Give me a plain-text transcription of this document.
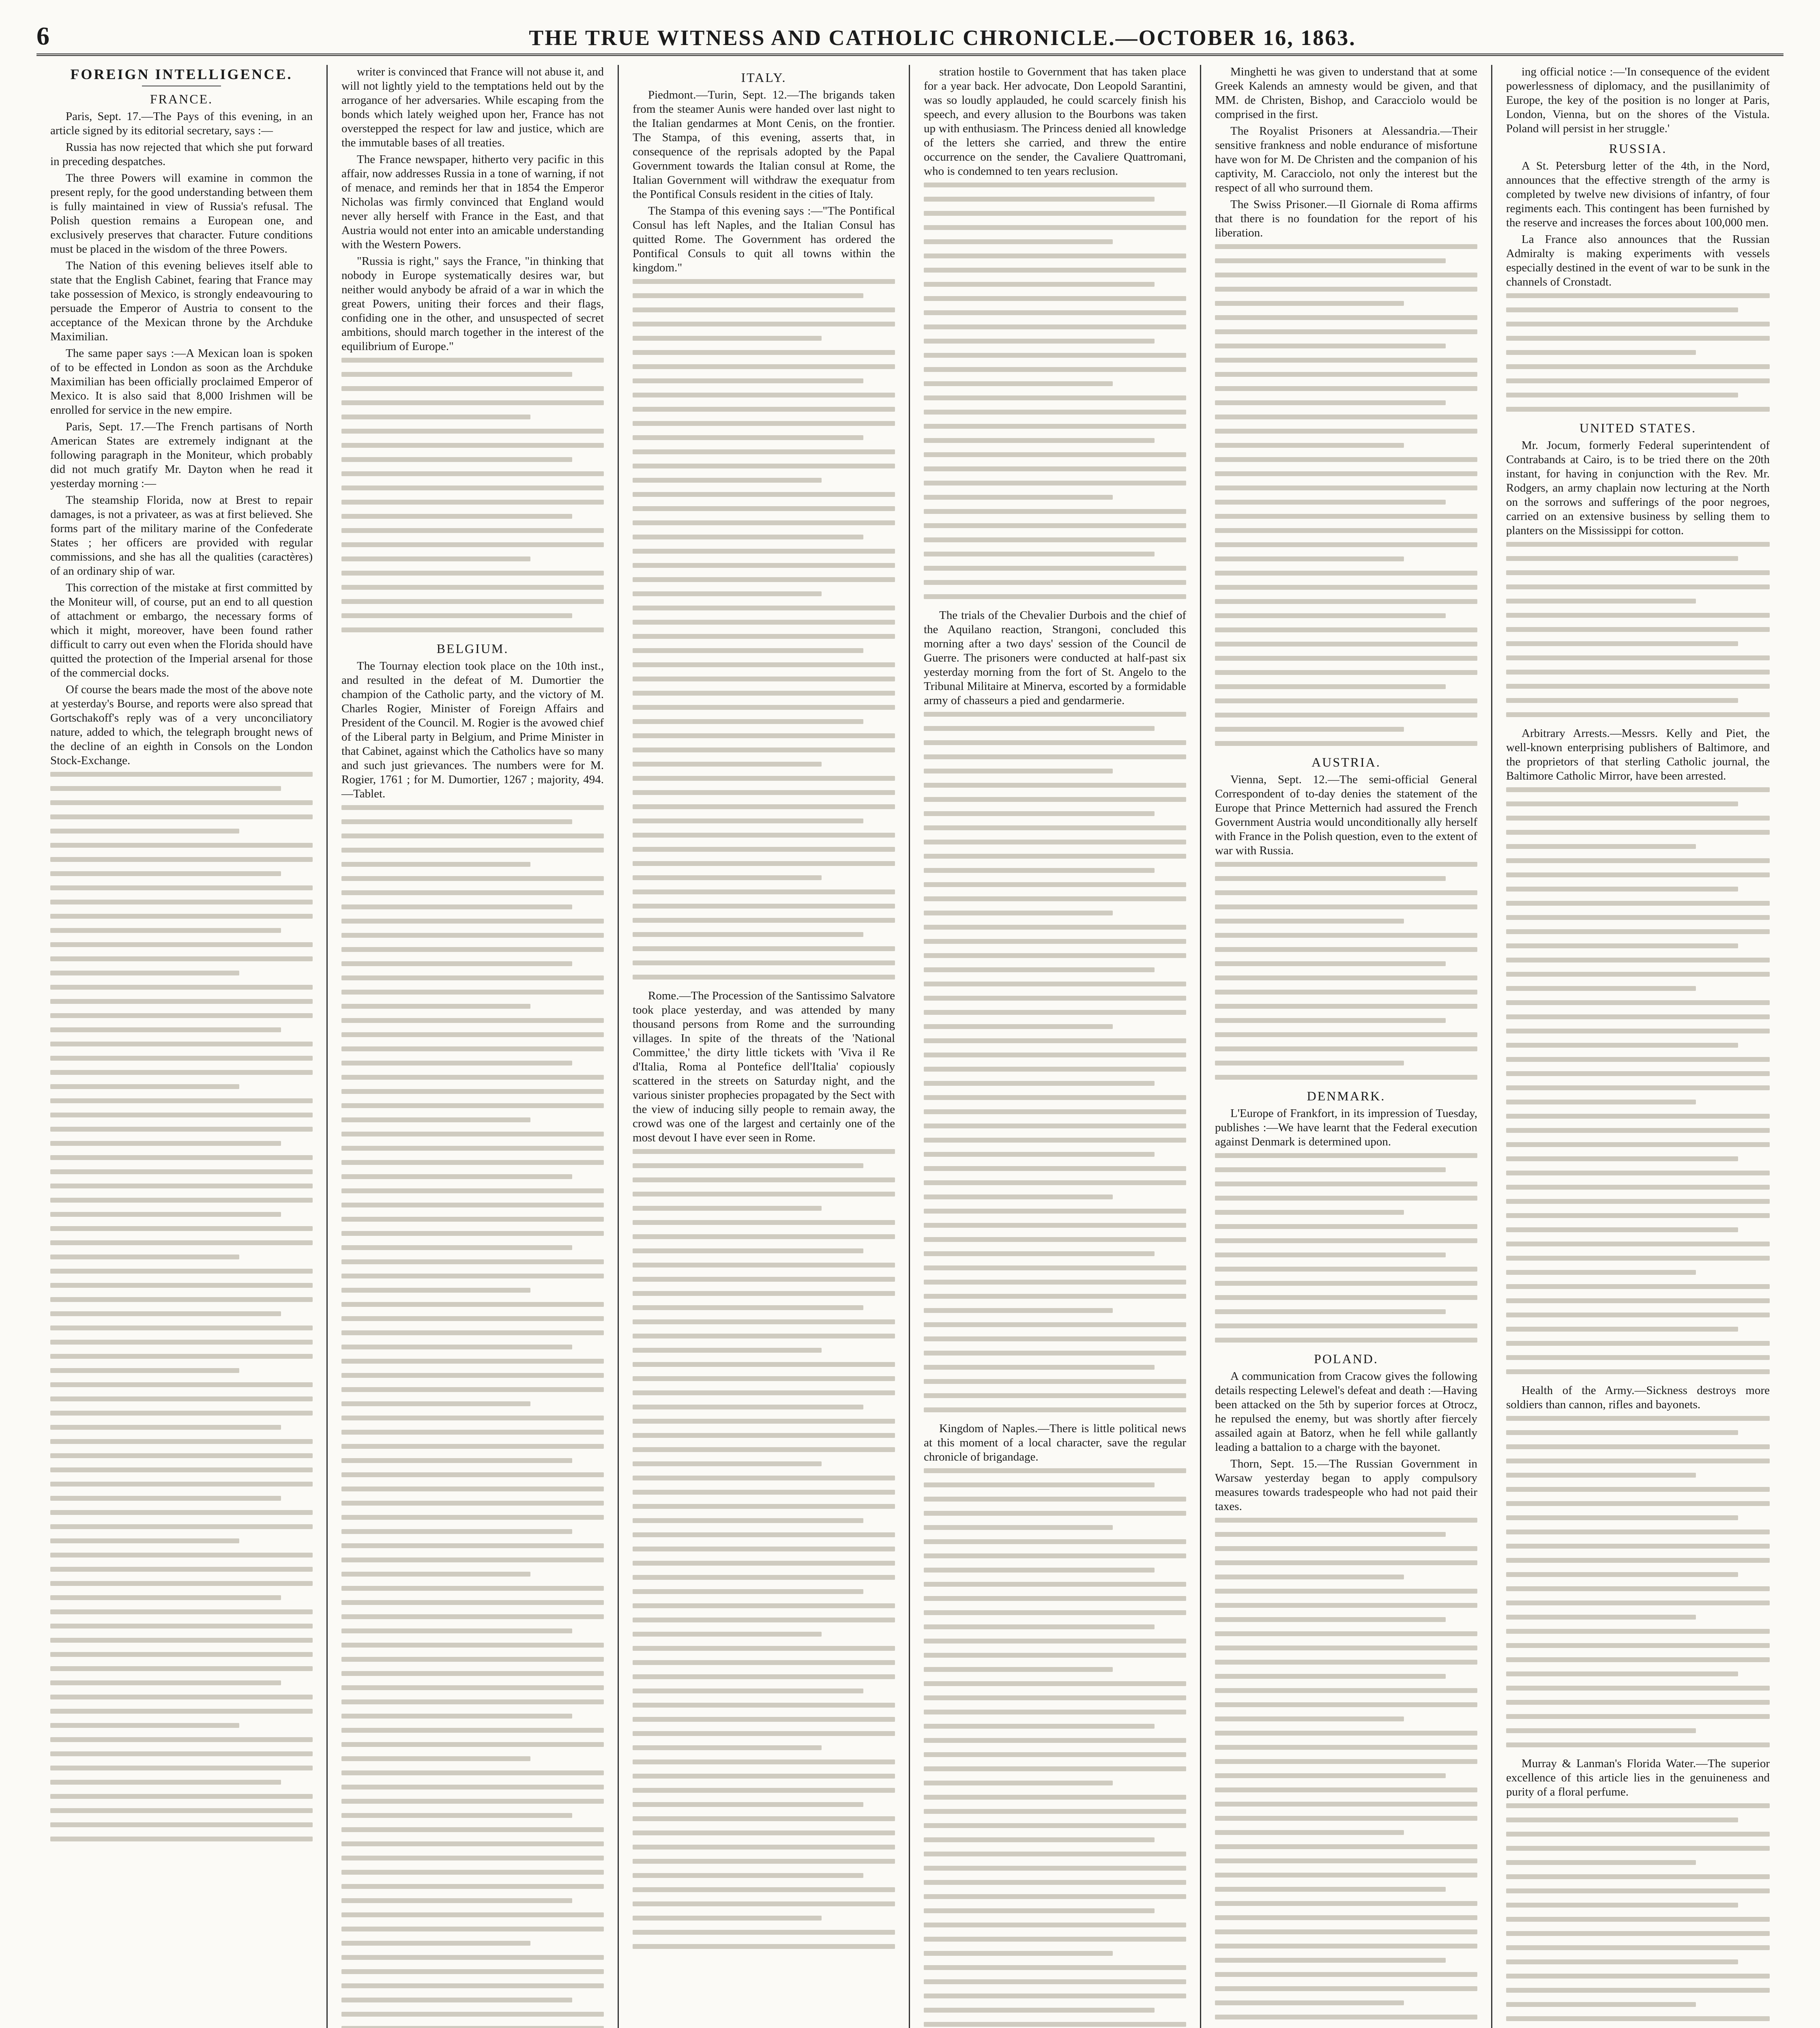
6	THE TRUE WITNESS AND CATHOLIC CHRONICLE.—OCTOBER 16, 1863.
FOREIGN INTELLIGENCE.
FRANCE.

Paris, Sept. 17.—The Pays of this evening, in an article signed by its editorial secretary, says :—

Russia has now rejected that which she put forward in preceding despatches.

The three Powers will examine in common the present reply, for the good understanding between them is fully maintained in view of Russia's refusal. The Polish question remains a European one, and exclusively preserves that character. Future conditions must be placed in the wisdom of the three Powers.

The Nation of this evening believes itself able to state that the English Cabinet, fearing that France may take possession of Mexico, is strongly endeavouring to persuade the Emperor of Austria to consent to the acceptance of the Mexican throne by the Archduke Maximilian.

The same paper says :—A Mexican loan is spoken of to be effected in London as soon as the Archduke Maximilian has been officially proclaimed Emperor of Mexico. It is also said that 8,000 Irishmen will be enrolled for service in the new empire.

Paris, Sept. 17.—The French partisans of North American States are extremely indignant at the following paragraph in the Moniteur, which probably did not much gratify Mr. Dayton when he read it yesterday morning :—

The steamship Florida, now at Brest to repair damages, is not a privateer, as was at first believed. She forms part of the military marine of the Confederate States ; her officers are provided with regular commissions, and she has all the qualities (caractères) of an ordinary ship of war.

This correction of the mistake at first committed by the Moniteur will, of course, put an end to all question of attachment or embargo, the necessary forms of which it might, moreover, have been found rather difficult to carry out even when the Florida should have quitted the protection of the Imperial arsenal for those of the commercial docks.

Of course the bears made the most of the above note at yesterday's Bourse, and reports were also spread that Gortschakoff's reply was of a very unconciliatory nature, added to which, the telegraph brought news of the decline of an eighth in Consols on the London Stock-Exchange.

writer is convinced that France will not abuse it, and will not lightly yield to the temptations held out by the arrogance of her adversaries. While escaping from the bonds which lately weighed upon her, France has not overstepped the respect for law and justice, which are the immutable bases of all treaties.

The France newspaper, hitherto very pacific in this affair, now addresses Russia in a tone of warning, if not of menace, and reminds her that in 1854 the Emperor Nicholas was firmly convinced that England would never ally herself with France in the East, and that Austria would not enter into an amicable understanding with the Western Powers.

"Russia is right," says the France, "in thinking that nobody in Europe systematically desires war, but neither would anybody be afraid of a war in which the great Powers, uniting their forces and their flags, confiding one in the other, and unsuspected of secret ambitions, should march together in the interest of the equilibrium of Europe."

BELGIUM.

The Tournay election took place on the 10th inst., and resulted in the defeat of M. Dumortier the champion of the Catholic party, and the victory of M. Charles Rogier, Minister of Foreign Affairs and President of the Council. M. Rogier is the avowed chief of the Liberal party in Belgium, and Prime Minister in that Cabinet, against which the Catholics have so many and such just grievances. The numbers were for M. Rogier, 1761 ; for M. Dumortier, 1267 ; majority, 494.—Tablet.

ITALY.

Piedmont.—Turin, Sept. 12.—The brigands taken from the steamer Aunis were handed over last night to the Italian gendarmes at Mont Cenis, on the frontier. The Stampa, of this evening, asserts that, in consequence of the reprisals adopted by the Papal Government towards the Italian consul at Rome, the Italian Government will withdraw the exequatur from the Pontifical Consuls resident in the cities of Italy.

The Stampa of this evening says :—"The Pontifical Consul has left Naples, and the Italian Consul has quitted Rome. The Government has ordered the Pontifical Consuls to quit all towns within the kingdom."

Rome.—The Procession of the Santissimo Salvatore took place yesterday, and was attended by many thousand persons from Rome and the surrounding villages. In spite of the threats of the 'National Committee,' the dirty little tickets with 'Viva il Re d'Italia, Roma al Pontefice dell'Italia' copiously scattered in the streets on Saturday night, and the various sinister prophecies propagated by the Sect with the view of inducing silly people to remain away, the crowd was one of the largest and certainly one of the most devout I have ever seen in Rome.

stration hostile to Government that has taken place for a year back. Her advocate, Don Leopold Sarantini, was so loudly applauded, he could scarcely finish his speech, and every allusion to the Bourbons was taken up with enthusiasm. The Princess denied all knowledge of the letters she carried, and threw the entire occurrence on the sender, the Cavaliere Quattromani, who is condemned to ten years reclusion.

The trials of the Chevalier Durbois and the chief of the Aquilano reaction, Strangoni, concluded this morning after a two days' session of the Council de Guerre. The prisoners were conducted at half-past six yesterday morning from the fort of St. Angelo to the Tribunal Militaire at Minerva, escorted by a formidable army of chasseurs a pied and gendarmerie.

Kingdom of Naples.—There is little political news at this moment of a local character, save the regular chronicle of brigandage.

Minghetti he was given to understand that at some Greek Kalends an amnesty would be given, and that MM. de Christen, Bishop, and Caracciolo would be comprised in the first.

The Royalist Prisoners at Alessandria.—Their sensitive frankness and noble endurance of misfortune have won for M. De Christen and the companion of his captivity, M. Caracciolo, not only the interest but the respect of all who surround them.

The Swiss Prisoner.—Il Giornale di Roma affirms that there is no foundation for the report of his liberation.

AUSTRIA.

Vienna, Sept. 12.—The semi-official General Correspondent of to-day denies the statement of the Europe that Prince Metternich had assured the French Government Austria would unconditionally ally herself with France in the Polish question, even to the extent of war with Russia.

DENMARK.

L'Europe of Frankfort, in its impression of Tuesday, publishes :—We have learnt that the Federal execution against Denmark is determined upon.

POLAND.

A communication from Cracow gives the following details respecting Lelewel's defeat and death :—Having been attacked on the 5th by superior forces at Otrocz, he repulsed the enemy, but was shortly after fiercely assailed again at Batorz, when he fell while gallantly leading a battalion to a charge with the bayonet.

Thorn, Sept. 15.—The Russian Government in Warsaw yesterday began to apply compulsory measures towards tradespeople who had not paid their taxes.

ing official notice :—'In consequence of the evident powerlessness of diplomacy, and the pusillanimity of Europe, the key of the position is no longer at Paris, London, Vienna, but on the shores of the Vistula. Poland will persist in her struggle.'

RUSSIA.

A St. Petersburg letter of the 4th, in the Nord, announces that the effective strength of the army is completed by twelve new divisions of infantry, of four regiments each. This contingent has been furnished by the reserve and increases the forces about 100,000 men.

La France also announces that the Russian Admiralty is making experiments with vessels especially destined in the event of war to be sunk in the channels of Cronstadt.

UNITED STATES.

Mr. Jocum, formerly Federal superintendent of Contrabands at Cairo, is to be tried there on the 20th instant, for having in conjunction with the Rev. Mr. Rodgers, an army chaplain now lecturing at the North on the sorrows and sufferings of the poor negroes, carried on an extensive business by selling them to planters on the Mississippi for cotton.

Arbitrary Arrests.—Messrs. Kelly and Piet, the well-known enterprising publishers of Baltimore, and the proprietors of that sterling Catholic journal, the Baltimore Catholic Mirror, have been arrested.

Health of the Army.—Sickness destroys more soldiers than cannon, rifles and bayonets.

Murray & Lanman's Florida Water.—The superior excellence of this article lies in the genuineness and purity of a floral perfume.
